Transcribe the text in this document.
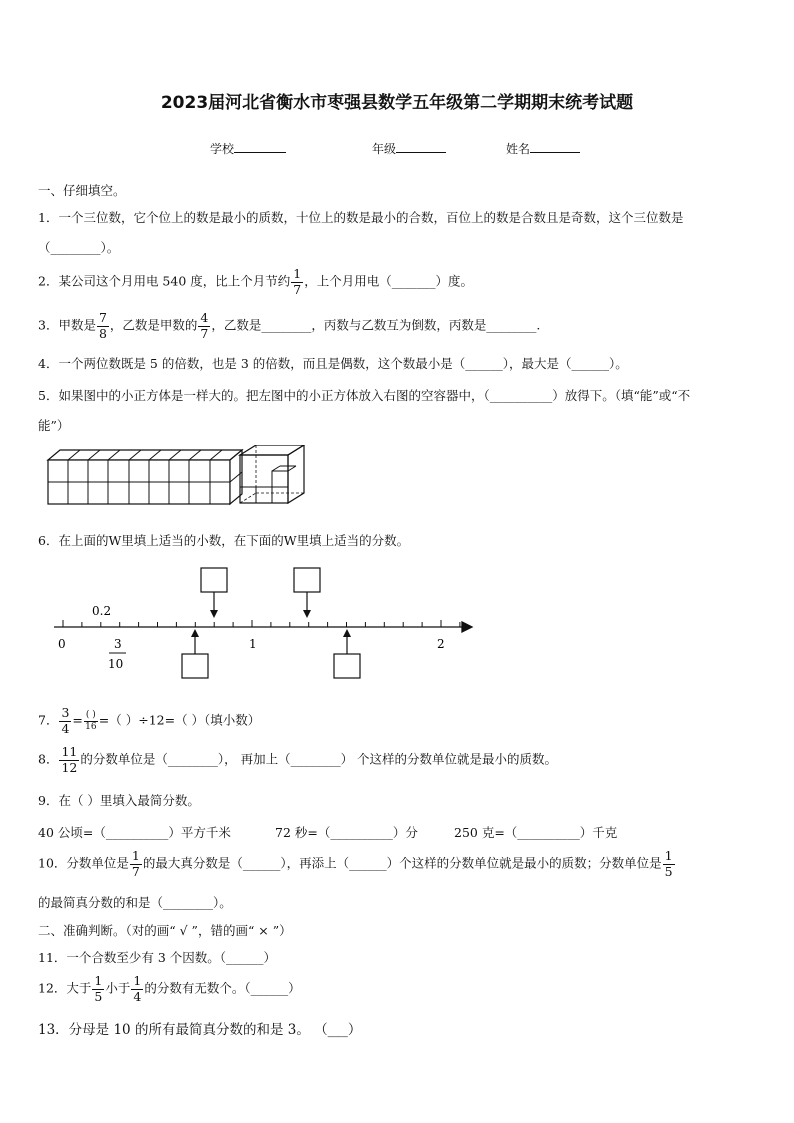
2023届河北省衡水市枣强县数学五年级第二学期期末统考试题
学校	年级	姓名
一、仔细填空。
1．一个三位数，它个位上的数是最小的质数，十位上的数是最小的合数，百位上的数是合数且是奇数，这个三位数是
（________）。
2．某公司这个月用电 540 度，比上个月节约 $\frac{1}{7}$ ，上个月用电（_______）度。
3．甲数是 $\frac{7}{8}$ ，乙数是甲数的 $\frac{4}{7}$ ，乙数是________，丙数与乙数互为倒数，丙数是________.
4．一个两位数既是 5 的倍数，也是 3 的倍数，而且是偶数，这个数最小是（______），最大是（______）。
5．如果图中的小正方体是一样大的。把左图中的小正方体放入右图的空容器中，（__________）放得下。（填“能”或“不
能”）
6．在上面的W里填上适当的小数，在下面的W里填上适当的分数。
0.2
0	1	2
3
10
7． $\frac{3}{4} = \frac{( )}{16}$ =（ ）÷12=（ ）（填小数）
8． $\frac{11}{12}$ 的分数单位是（________）， 再加上（________） 个这样的分数单位就是最小的质数。
9．在（ ）里填入最简分数。
40 公顷=（__________）平方千米	72 秒=（__________）分	250 克=（__________）千克
10．分数单位是 $\frac{1}{7}$ 的最大真分数是（______），再添上（______）个这样的分数单位就是最小的质数；分数单位是 $\frac{1}{5}$
的最简真分数的和是（________）。
二、准确判断。（对的画“ √ ”，错的画“ × ”）
11．一个合数至少有 3 个因数。（______）
12．大于 $\frac{1}{5}$ 小于 $\frac{1}{4}$ 的分数有无数个。（______）
13．分母是 10 的所有最简真分数的和是 3。 （___）
